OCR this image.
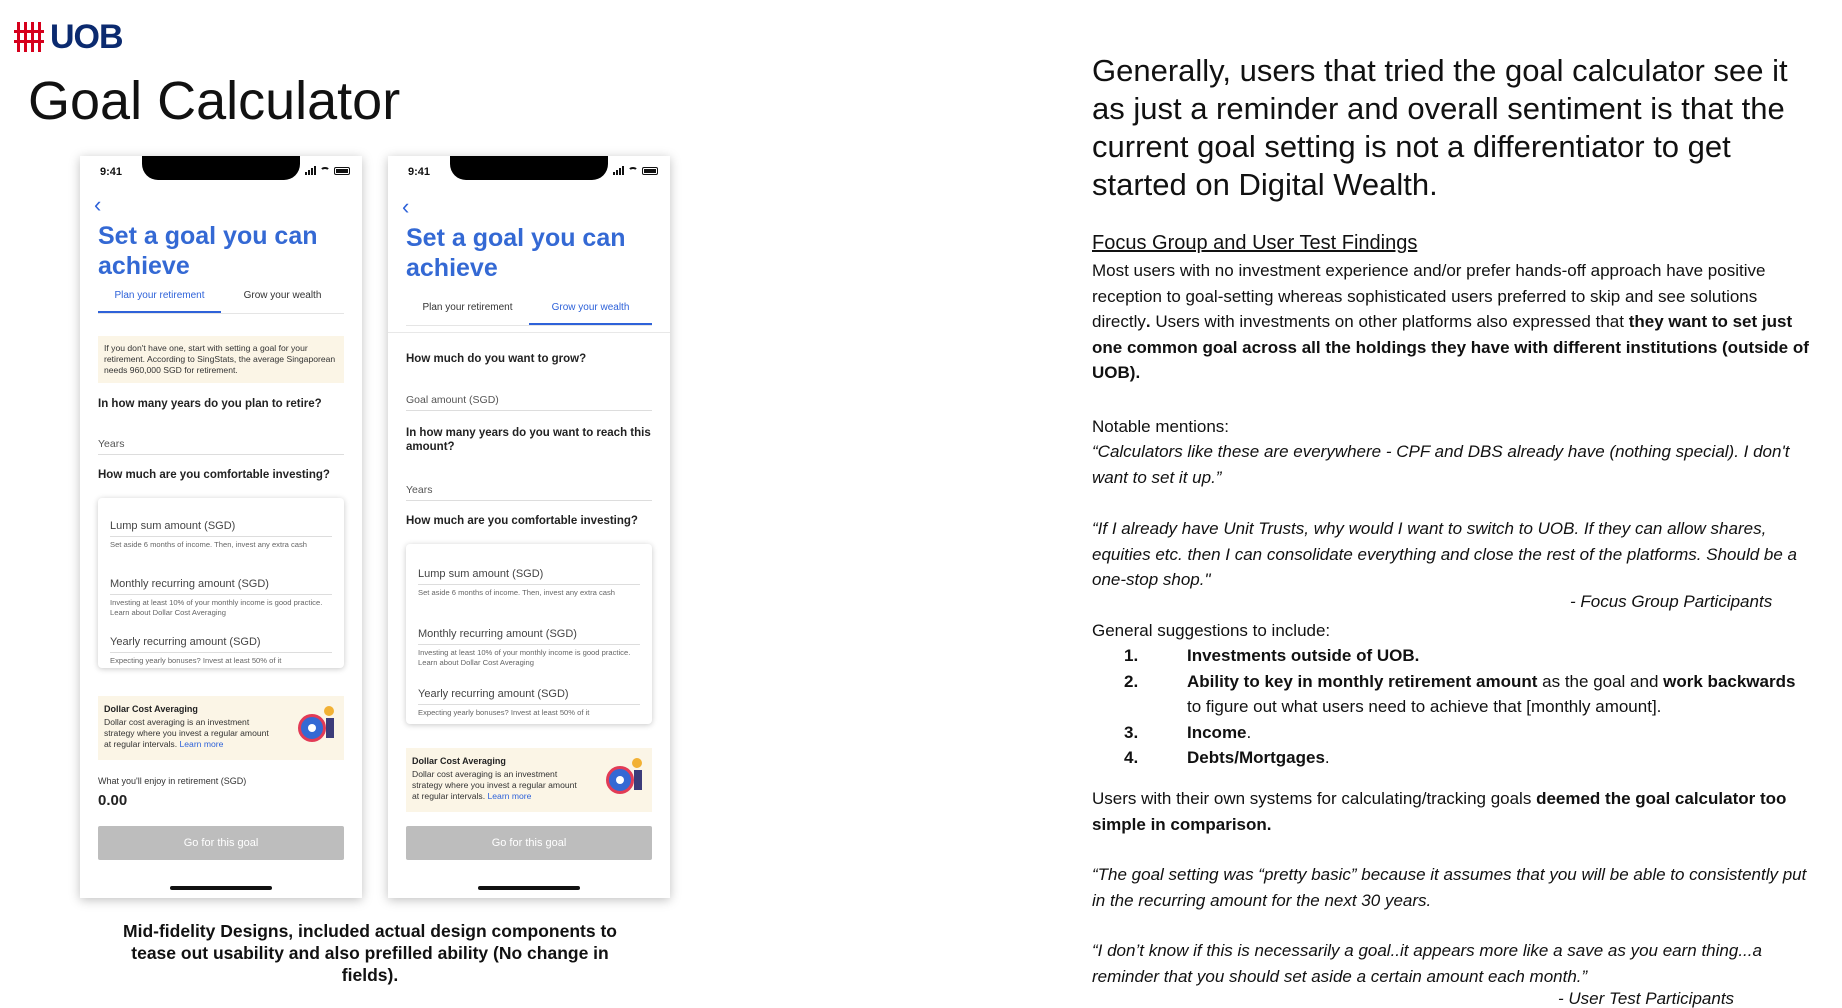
UOB
Goal Calculator
9:41
‹
Set a goal you can achieve
Plan your retirement	Grow your wealth
If you don't have one, start with setting a goal for your retirement. According to SingStats, the average Singaporean needs 960,000 SGD for retirement.
In how many years do you plan to retire?
Years
How much are you comfortable investing?
Lump sum amount (SGD)
Set aside 6 months of income. Then, invest any extra cash
Monthly recurring amount (SGD)
Investing at least 10% of your monthly income is good practice. Learn about Dollar Cost Averaging
Yearly recurring amount (SGD)
Expecting yearly bonuses? Invest at least 50% of it
Dollar Cost Averaging
Dollar cost averaging is an investment strategy where you invest a regular amount at regular intervals. Learn more
What you'll enjoy in retirement (SGD)
0.00
Go for this goal
9:41
‹
Set a goal you can achieve
Plan your retirement	Grow your wealth
How much do you want to grow?
Goal amount (SGD)
In how many years do you want to reach this amount?
Years
How much are you comfortable investing?
Lump sum amount (SGD)
Set aside 6 months of income. Then, invest any extra cash
Monthly recurring amount (SGD)
Investing at least 10% of your monthly income is good practice. Learn about Dollar Cost Averaging
Yearly recurring amount (SGD)
Expecting yearly bonuses? Invest at least 50% of it
Dollar Cost Averaging
Dollar cost averaging is an investment strategy where you invest a regular amount at regular intervals. Learn more
Go for this goal
Mid-fidelity Designs, included actual design components to tease out usability and also prefilled ability (No change in fields).
Generally, users that tried the goal calculator see it as just a reminder and overall sentiment is that the current goal setting is not a differentiator to get started on Digital Wealth.
Focus Group and User Test Findings
Most users with no investment experience and/or prefer hands-off approach have positive reception to goal-setting whereas sophisticated users preferred to skip and see solutions directly. Users with investments on other platforms also expressed that they want to set just one common goal across all the holdings they have with different institutions (outside of UOB).
Notable mentions:
“Calculators like these are everywhere - CPF and DBS already have (nothing special). I don't want to set it up.”
“If I already have Unit Trusts, why would I want to switch to UOB. If they can allow shares, equities etc. then I can consolidate everything and close the rest of the platforms. Should be a one-stop shop."
- Focus Group Participants
General suggestions to include:
1.	Investments outside of UOB.
2.	Ability to key in monthly retirement amount as the goal and work backwards to figure out what users need to achieve that [monthly amount].
3.	Income.
4.	Debts/Mortgages.
Users with their own systems for calculating/tracking goals deemed the goal calculator too simple in comparison.
“The goal setting was “pretty basic” because it assumes that you will be able to consistently put in the recurring amount for the next 30 years.
“I don’t know if this is necessarily a goal..it appears more like a save as you earn thing...a reminder that you should set aside a certain amount each month.”
- User Test Participants
